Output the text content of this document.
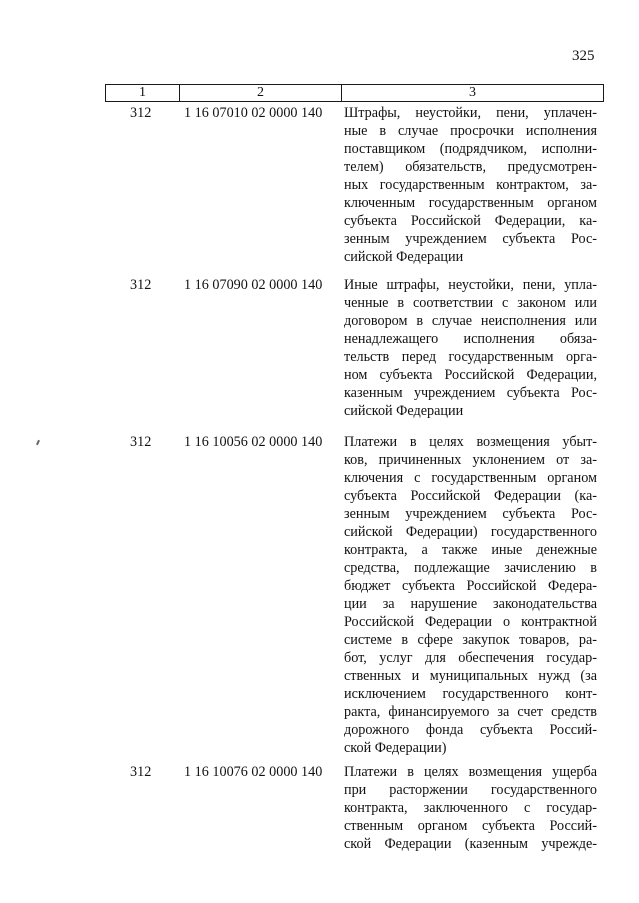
325
1	2	3
312	1 16 07010 02 0000 140	Штрафы, неустойки, пени, уплачен-
ные в случае просрочки исполнения
поставщиком (подрядчиком, исполни-
телем) обязательств, предусмотрен-
ных государственным контрактом, за-
ключенным государственным органом
субъекта Российской Федерации, ка-
зенным учреждением субъекта Рос-
сийской Федерации
312	1 16 07090 02 0000 140	Иные штрафы, неустойки, пени, упла-
ченные в соответствии с законом или
договором в случае неисполнения или
ненадлежащего исполнения обяза-
тельств перед государственным орга-
ном субъекта Российской Федерации,
казенным учреждением субъекта Рос-
сийской Федерации
312	1 16 10056 02 0000 140	Платежи в целях возмещения убыт-
ков, причиненных уклонением от за-
ключения с государственным органом
субъекта Российской Федерации (ка-
зенным учреждением субъекта Рос-
сийской Федерации) государственного
контракта, а также иные денежные
средства, подлежащие зачислению в
бюджет субъекта Российской Федера-
ции за нарушение законодательства
Российской Федерации о контрактной
системе в сфере закупок товаров, ра-
бот, услуг для обеспечения государ-
ственных и муниципальных нужд (за
исключением государственного конт-
ракта, финансируемого за счет средств
дорожного фонда субъекта Россий-
ской Федерации)
312	1 16 10076 02 0000 140	Платежи в целях возмещения ущерба
при расторжении государственного
контракта, заключенного с государ-
ственным органом субъекта Россий-
ской Федерации (казенным учрежде-
